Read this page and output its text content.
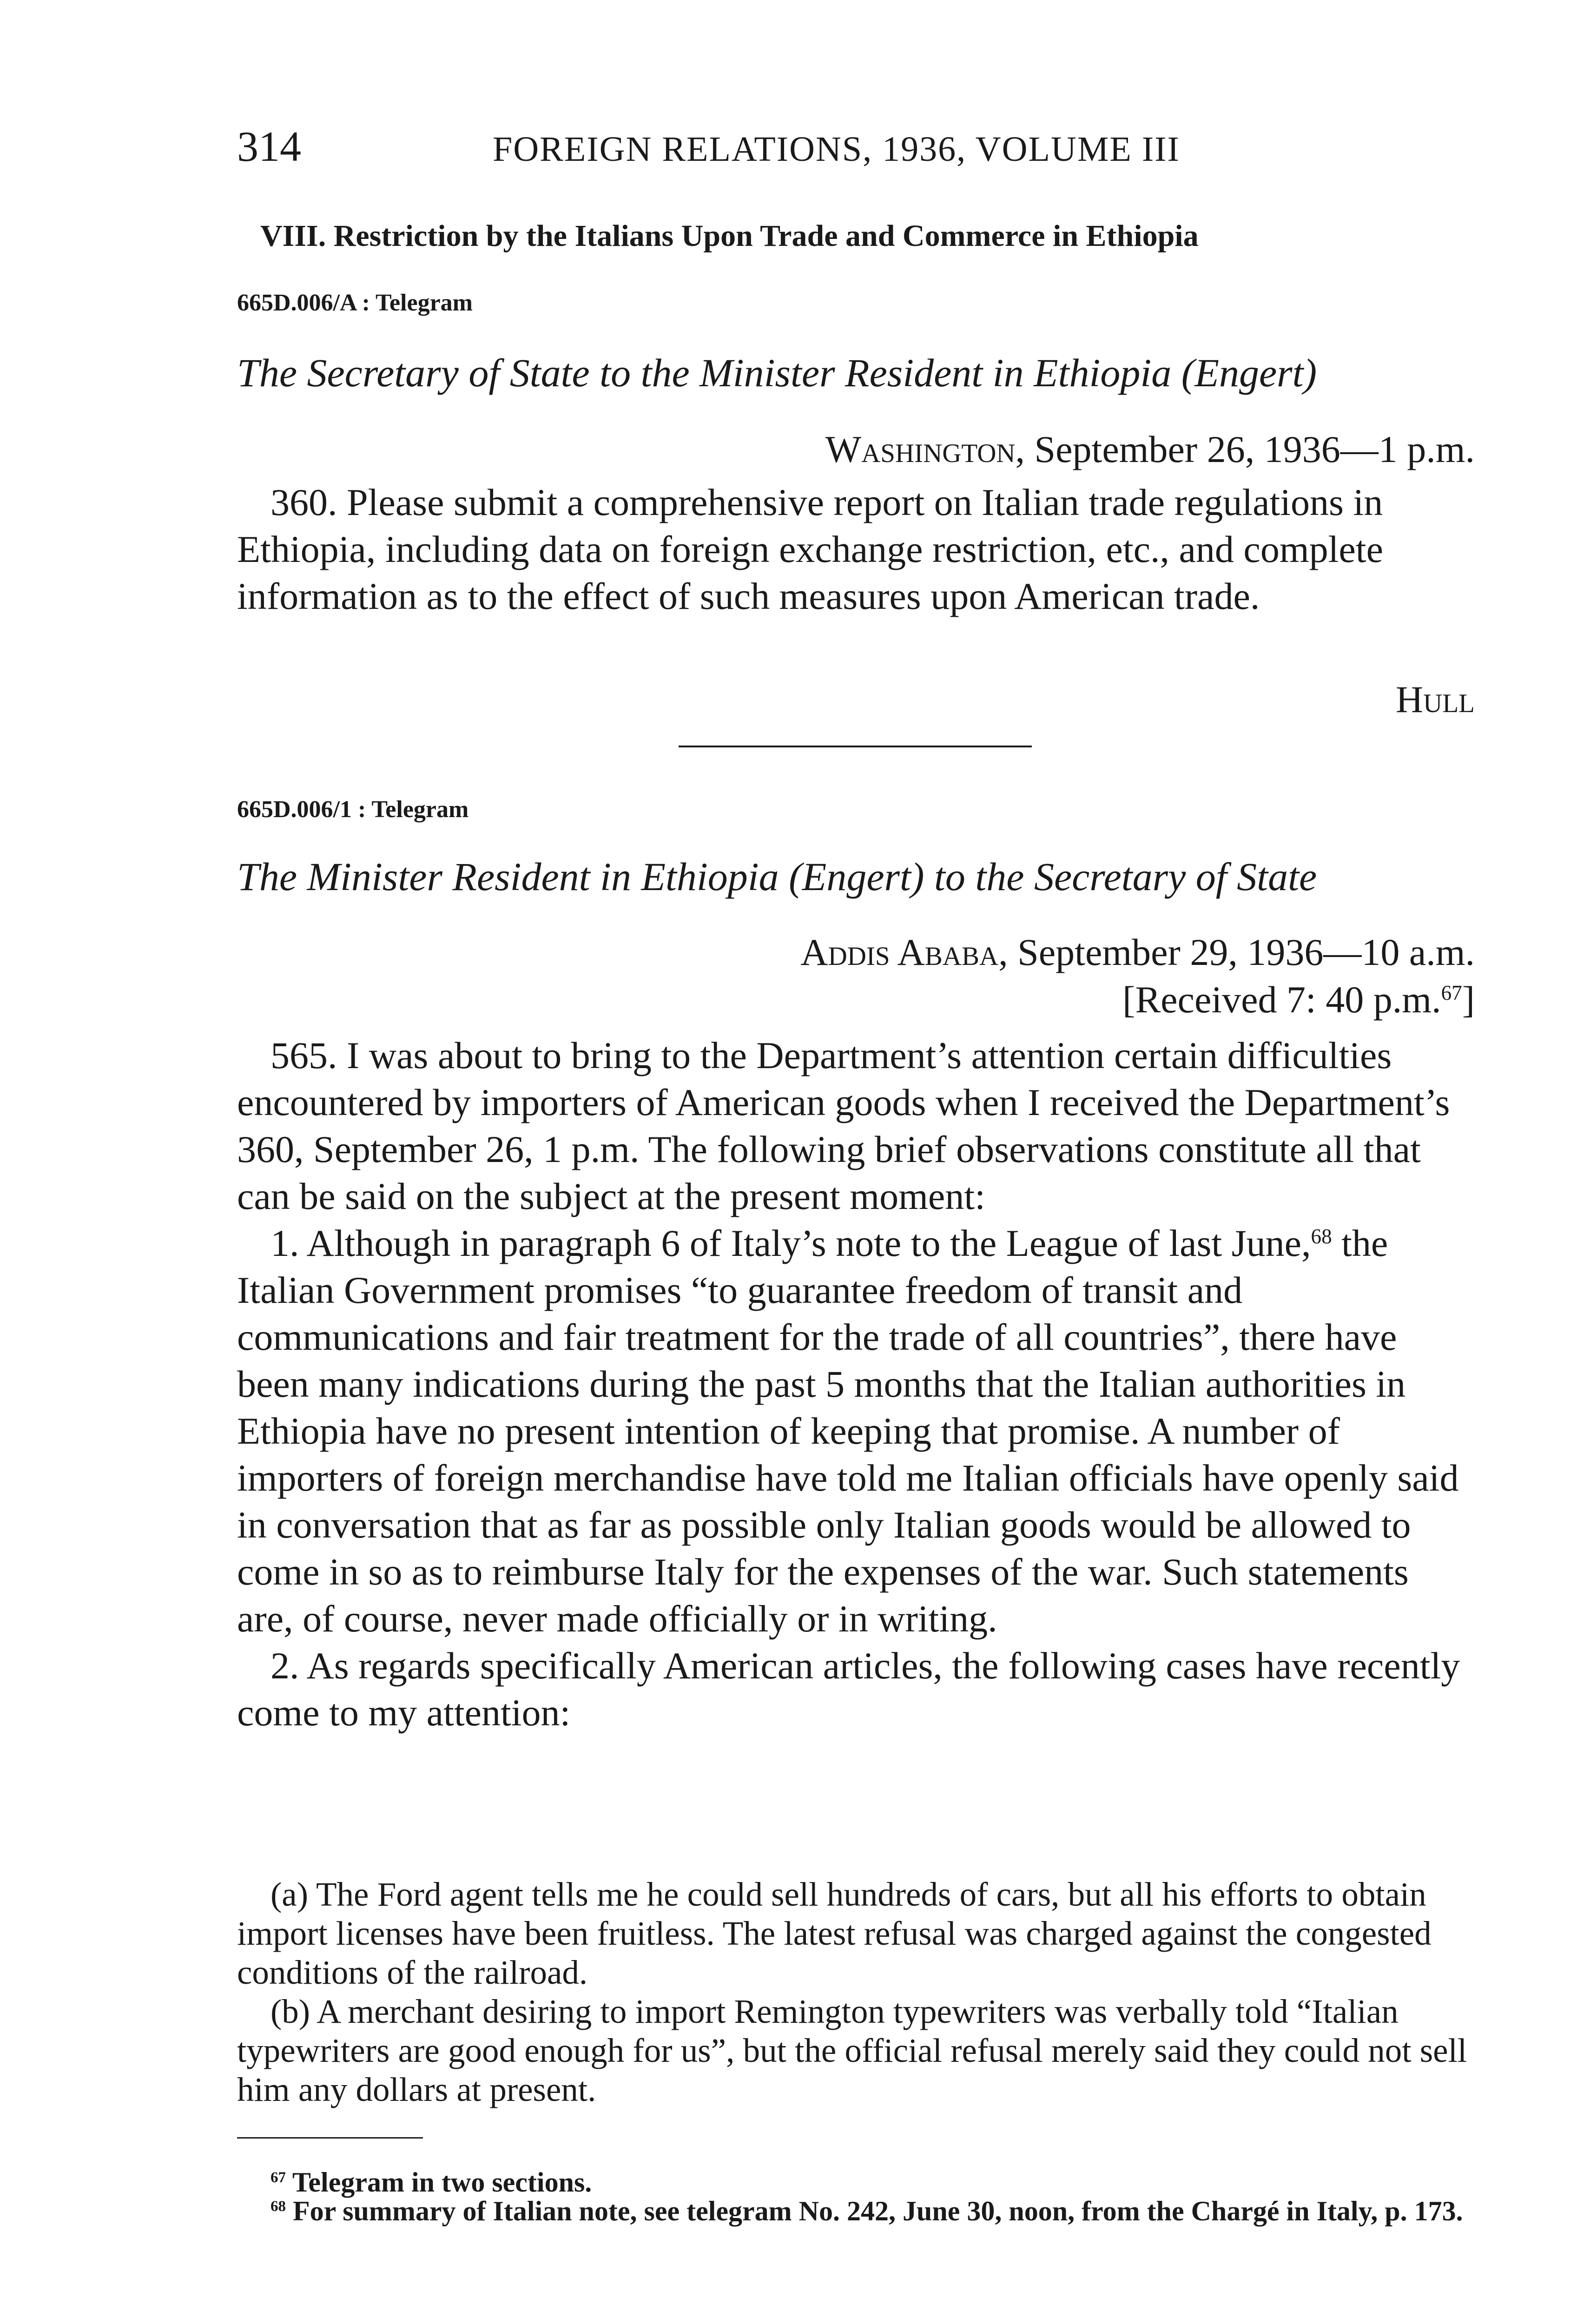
314	FOREIGN RELATIONS, 1936, VOLUME III
VIII. Restriction by the Italians Upon Trade and Commerce in Ethiopia
665D.006/A : Telegram
The Secretary of State to the Minister Resident in Ethiopia (Engert)
Washington, September 26, 1936—1 p.m.

360. Please submit a comprehensive report on Italian trade regulations in Ethiopia, including data on foreign exchange restriction, etc., and complete information as to the effect of such measures upon American trade.

Hull
665D.006/1 : Telegram
The Minister Resident in Ethiopia (Engert) to the Secretary of State
Addis Ababa, September 29, 1936—10 a.m.
[Received 7: 40 p.m.$^{67}$]

565. I was about to bring to the Department’s attention certain difficulties encountered by importers of American goods when I received the Department’s 360, September 26, 1 p.m. The following brief observations constitute all that can be said on the subject at the present moment:

1. Although in paragraph 6 of Italy’s note to the League of last June,$^{68}$ the Italian Government promises “to guarantee freedom of transit and communications and fair treatment for the trade of all countries”, there have been many indications during the past 5 months that the Italian authorities in Ethiopia have no present intention of keeping that promise. A number of importers of foreign merchandise have told me Italian officials have openly said in conversation that as far as possible only Italian goods would be allowed to come in so as to reimburse Italy for the expenses of the war. Such statements are, of course, never made officially or in writing.

2. As regards specifically American articles, the following cases have recently come to my attention:

(a) The Ford agent tells me he could sell hundreds of cars, but all his efforts to obtain import licenses have been fruitless. The latest refusal was charged against the congested conditions of the railroad.

(b) A merchant desiring to import Remington typewriters was verbally told “Italian typewriters are good enough for us”, but the official refusal merely said they could not sell him any dollars at present.

$^{67}$ Telegram in two sections.

$^{68}$ For summary of Italian note, see telegram No. 242, June 30, noon, from the Chargé in Italy, p. 173.
